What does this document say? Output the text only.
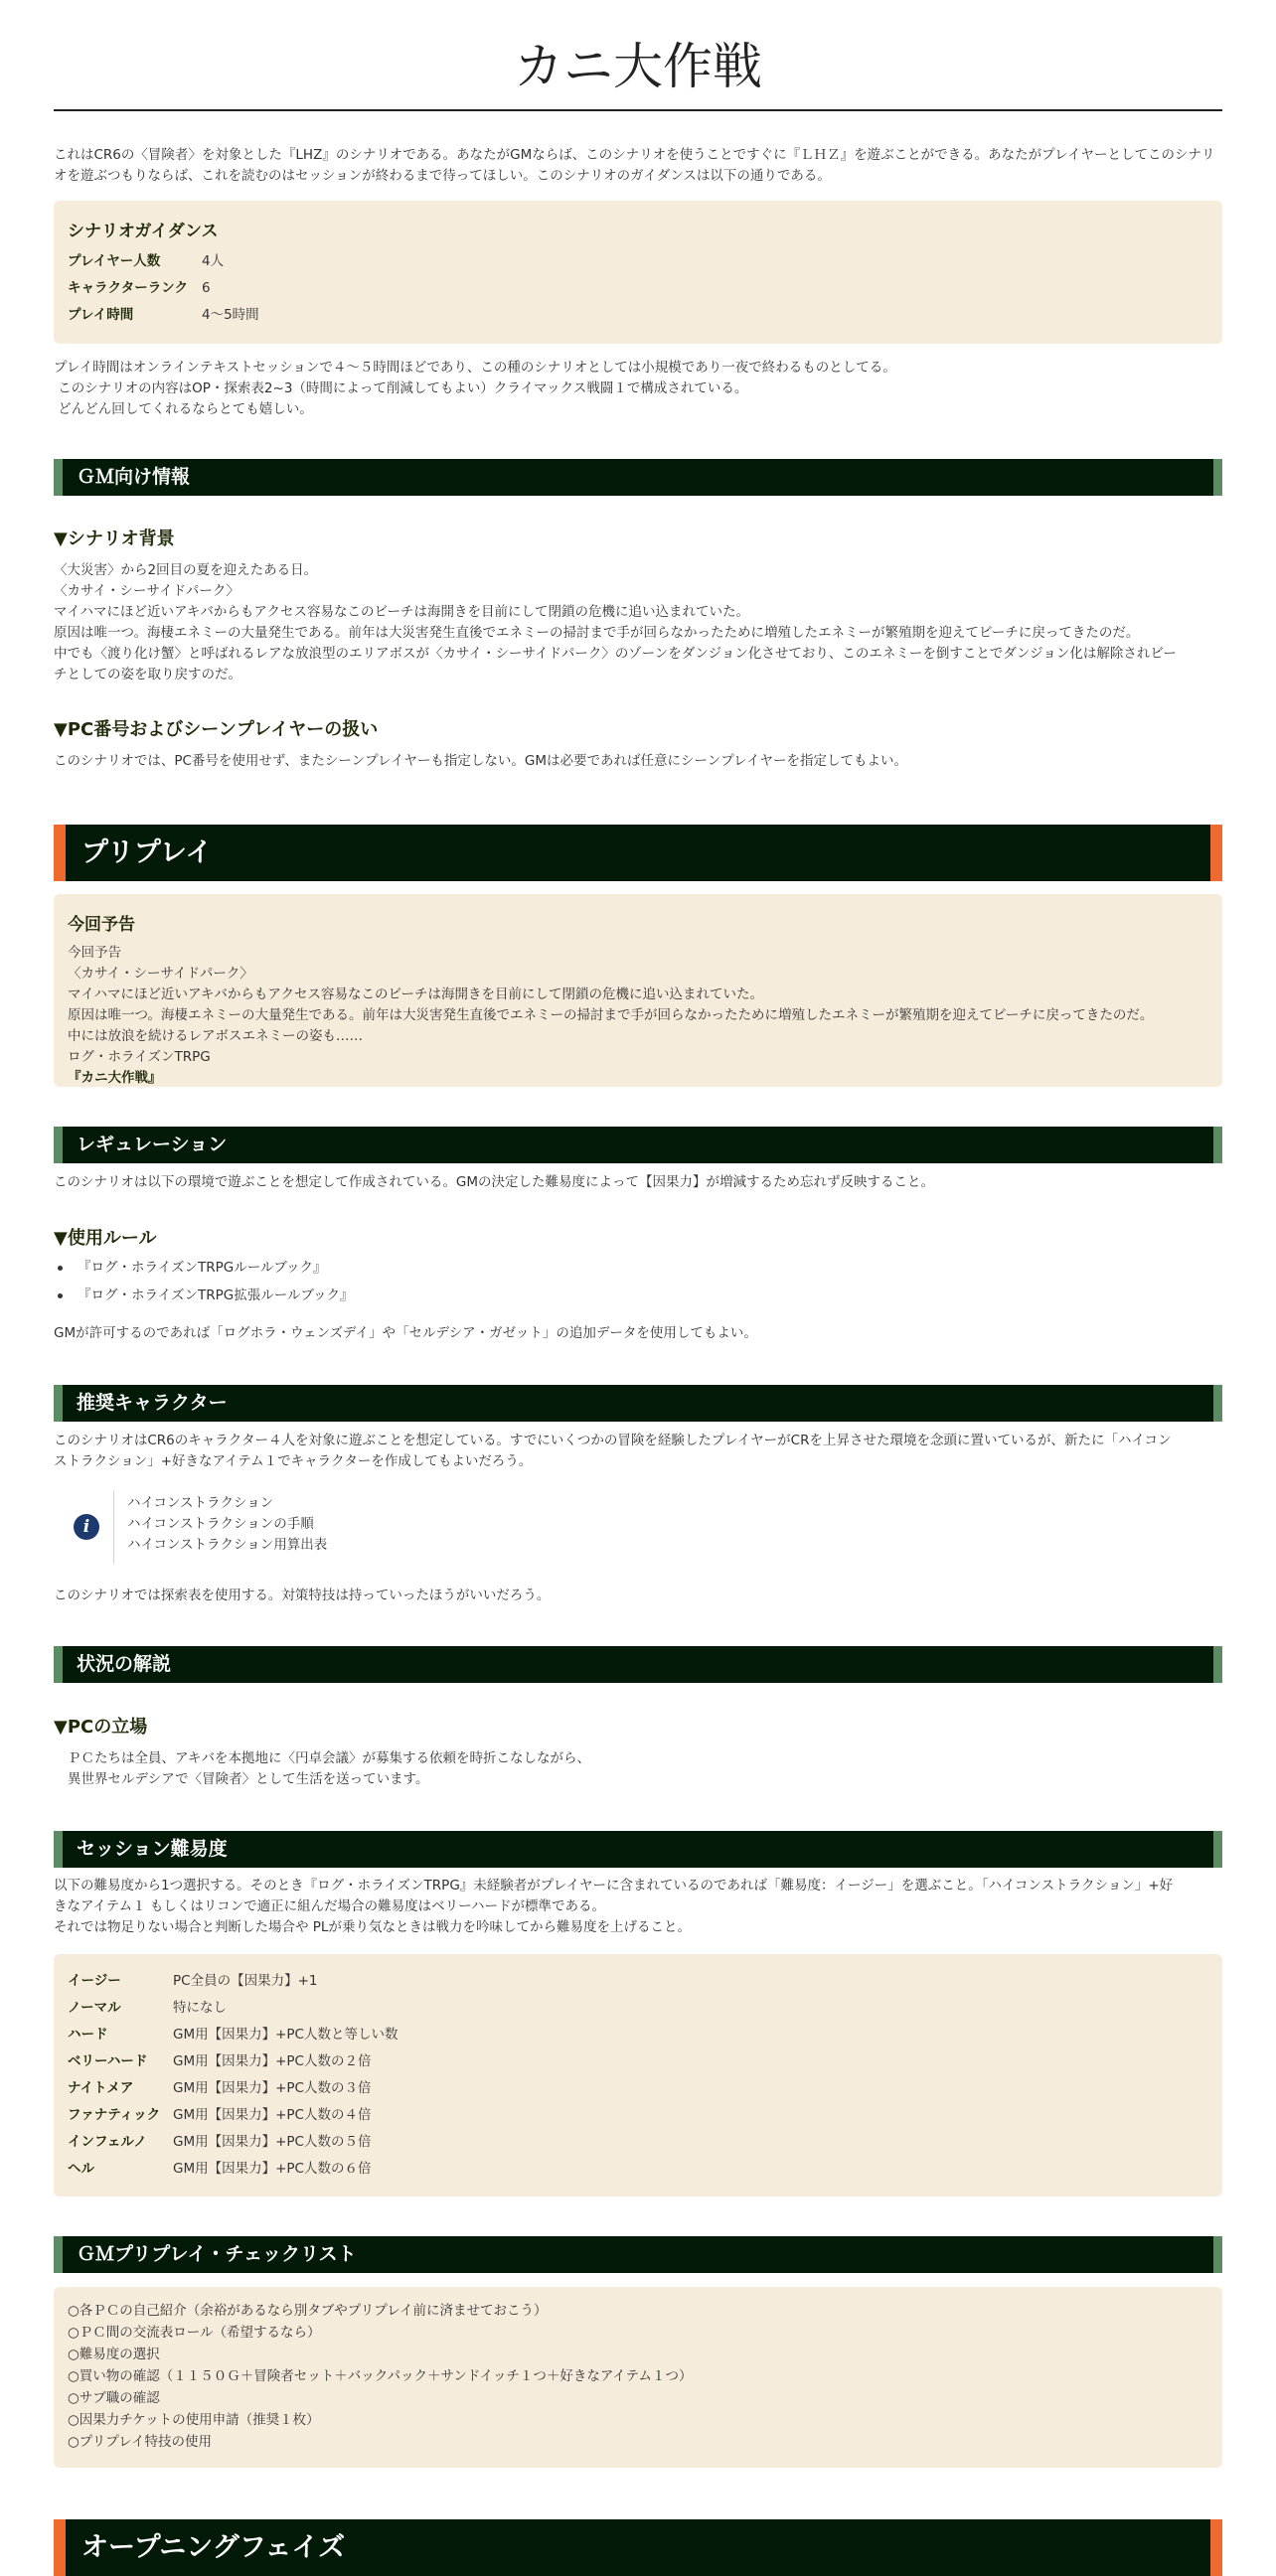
カニ大作戦

これはCR6の〈冒険者〉を対象とした『LHZ』のシナリオである。あなたがGMならば、このシナリオを使うことですぐに『ＬＨＺ』を遊ぶことができる。あなたがプレイヤーとしてこのシナリオを遊ぶつもりならば、これを読むのはセッションが終わるまで待ってほしい。このシナリオのガイダンスは以下の通りである。

シナリオガイダンス
プレイヤー人数	4人
キャラクターランク	6
プレイ時間	4～5時間
プレイ時間はオンラインテキストセッションで４～５時間ほどであり、この種のシナリオとしては小規模であり一夜で終わるものとしてる。
このシナリオの内容はOP・探索表2~3（時間によって削減してもよい）クライマックス戦闘１で構成されている。
どんどん回してくれるならとても嬉しい。
ＧＭ向け情報
▼シナリオ背景
〈大災害〉から2回目の夏を迎えたある日。
〈カサイ・シーサイドパーク〉
マイハマにほど近いアキバからもアクセス容易なこのビーチは海開きを目前にして閉鎖の危機に追い込まれていた。
原因は唯一つ。海棲エネミーの大量発生である。前年は大災害発生直後でエネミーの掃討まで手が回らなかったために増殖したエネミーが繁殖期を迎えてビーチに戻ってきたのだ。
中でも〈渡り化け蟹〉と呼ばれるレアな放浪型のエリアボスが〈カサイ・シーサイドパーク〉のゾーンをダンジョン化させており、このエネミーを倒すことでダンジョン化は解除されビー
チとしての姿を取り戻すのだ。
▼PC番号およびシーンプレイヤーの扱い

このシナリオでは、PC番号を使用せず、またシーンプレイヤーも指定しない。GMは必要であれば任意にシーンプレイヤーを指定してもよい。

プリプレイ
今回予告
今回予告
〈カサイ・シーサイドパーク〉
マイハマにほど近いアキバからもアクセス容易なこのビーチは海開きを目前にして閉鎖の危機に追い込まれていた。
原因は唯一つ。海棲エネミーの大量発生である。前年は大災害発生直後でエネミーの掃討まで手が回らなかったために増殖したエネミーが繁殖期を迎えてビーチに戻ってきたのだ。
中には放浪を続けるレアボスエネミーの姿も……
ログ・ホライズンTRPG
『カニ大作戦』
レギュレーション

このシナリオは以下の環境で遊ぶことを想定して作成されている。GMの決定した難易度によって【因果力】が増減するため忘れず反映すること。

▼使用ルール
『ログ・ホライズンTRPGルールブック』
『ログ・ホライズンTRPG拡張ルールブック』

GMが許可するのであれば「ログホラ・ウェンズデイ」や「セルデシア・ガゼット」の追加データを使用してもよい。

推奨キャラクター
このシナリオはCR6のキャラクター４人を対象に遊ぶことを想定している。すでにいくつかの冒険を経験したプレイヤーがCRを上昇させた環境を念頭に置いているが、新たに「ハイコン
ストラクション」+好きなアイテム１でキャラクターを作成してもよいだろう。
i
ハイコンストラクション
ハイコンストラクションの手順
ハイコンストラクション用算出表

このシナリオでは探索表を使用する。対策特技は持っていったほうがいいだろう。

状況の解説
▼PCの立場
ＰＣたちは全員、アキバを本拠地に〈円卓会議〉が募集する依頼を時折こなしながら、
異世界セルデシアで〈冒険者〉として生活を送っています。
セッション難易度
以下の難易度から1つ選択する。そのとき『ログ・ホライズンTRPG』未経験者がプレイヤーに含まれているのであれば「難易度：イージー」を選ぶこと。「ハイコンストラクション」+好
きなアイテム１ もしくはリコンで適正に組んだ場合の難易度はベリーハードが標準である。
それでは物足りない場合と判断した場合や PLが乗り気なときは戦力を吟味してから難易度を上げること。
イージー	PC全員の【因果力】+1
ノーマル	特になし
ハード	GM用【因果力】+PC人数と等しい数
ベリーハード	GM用【因果力】+PC人数の２倍
ナイトメア	GM用【因果力】+PC人数の３倍
ファナティック GM用【因果力】+PC人数の４倍
インフェルノ	GM用【因果力】+PC人数の５倍
ヘル	GM用【因果力】+PC人数の６倍
ＧＭプリプレイ・チェックリスト
○各ＰＣの自己紹介（余裕があるなら別タブやプリプレイ前に済ませておこう）
○ＰＣ間の交流表ロール（希望するなら）
○難易度の選択
○買い物の確認（１１５０Ｇ＋冒険者セット＋バックパック＋サンドイッチ１つ＋好きなアイテム１つ）
○サブ職の確認
○因果力チケットの使用申請（推奨１枚）
○プリプレイ特技の使用
オープニングフェイズ
